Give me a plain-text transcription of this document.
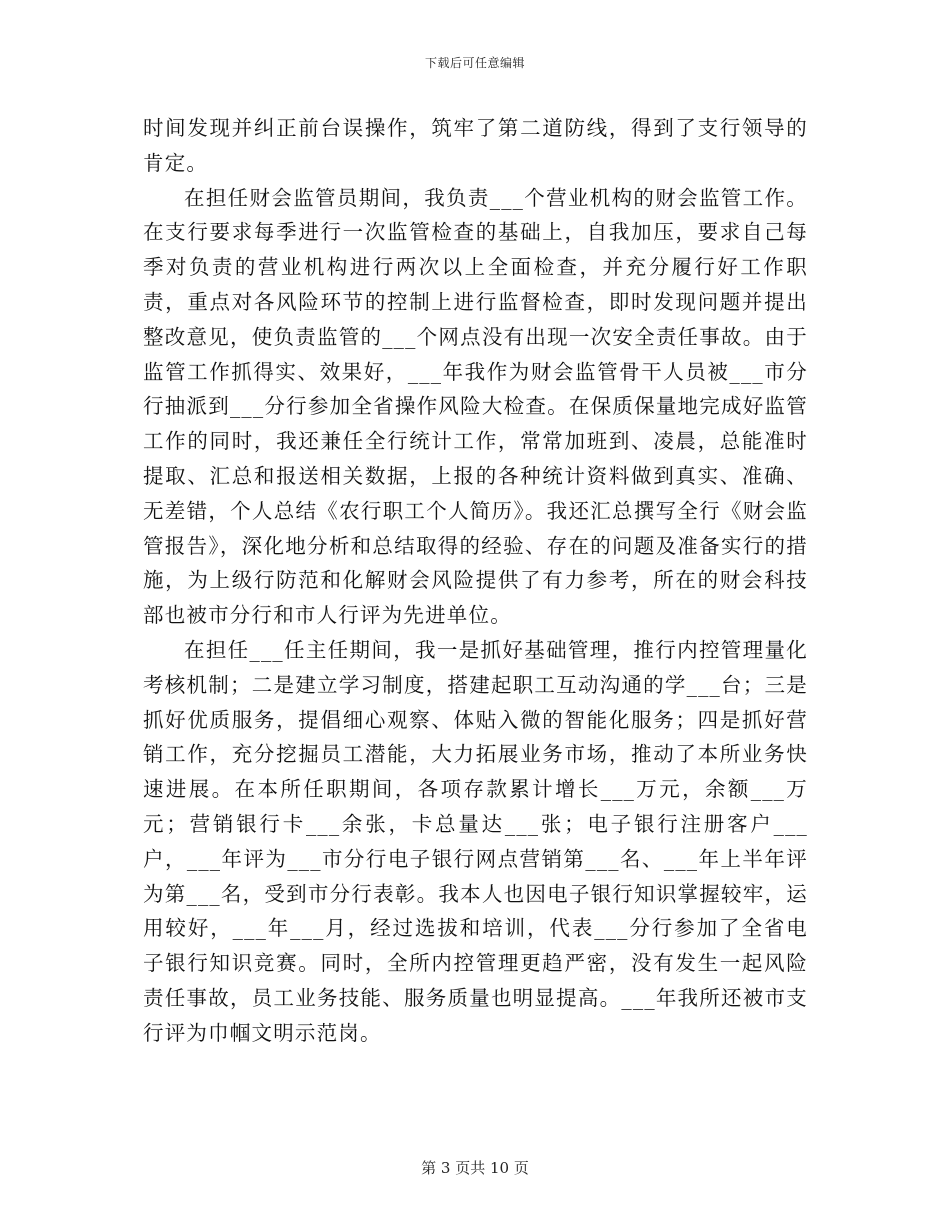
下载后可任意编辑

时间发现并纠正前台误操作，筑牢了第二道防线，得到了支行领导的肯定。

在担任财会监管员期间，我负责___个营业机构的财会监管工作。在支行要求每季进行一次监管检查的基础上，自我加压，要求自己每季对负责的营业机构进行两次以上全面检查，并充分履行好工作职责，重点对各风险环节的控制上进行监督检查，即时发现问题并提出整改意见，使负责监管的___个网点没有出现一次安全责任事故。由于监管工作抓得实、效果好，___年我作为财会监管骨干人员被___市分行抽派到___分行参加全省操作风险大检查。在保质保量地完成好监管工作的同时，我还兼任全行统计工作，常常加班到、凌晨，总能准时提取、汇总和报送相关数据，上报的各种统计资料做到真实、准确、无差错，个人总结《农行职工个人简历》。我还汇总撰写全行《财会监管报告》，深化地分析和总结取得的经验、存在的问题及准备实行的措施，为上级行防范和化解财会风险提供了有力参考，所在的财会科技部也被市分行和市人行评为先进单位。

在担任___任主任期间，我一是抓好基础管理，推行内控管理量化考核机制；二是建立学习制度，搭建起职工互动沟通的学___台；三是抓好优质服务，提倡细心观察、体贴入微的智能化服务；四是抓好营销工作，充分挖掘员工潜能，大力拓展业务市场，推动了本所业务快速进展。在本所任职期间，各项存款累计增长___万元，余额___万元；营销银行卡___余张，卡总量达___张；电子银行注册客户___户，___年评为___市分行电子银行网点营销第___名、___年上半年评为第___名，受到市分行表彰。我本人也因电子银行知识掌握较牢，运用较好，___年___月，经过选拔和培训，代表___分行参加了全省电子银行知识竞赛。同时，全所内控管理更趋严密，没有发生一起风险责任事故，员工业务技能、服务质量也明显提高。___年我所还被市支行评为巾帼文明示范岗。

第 3 页共 10 页
